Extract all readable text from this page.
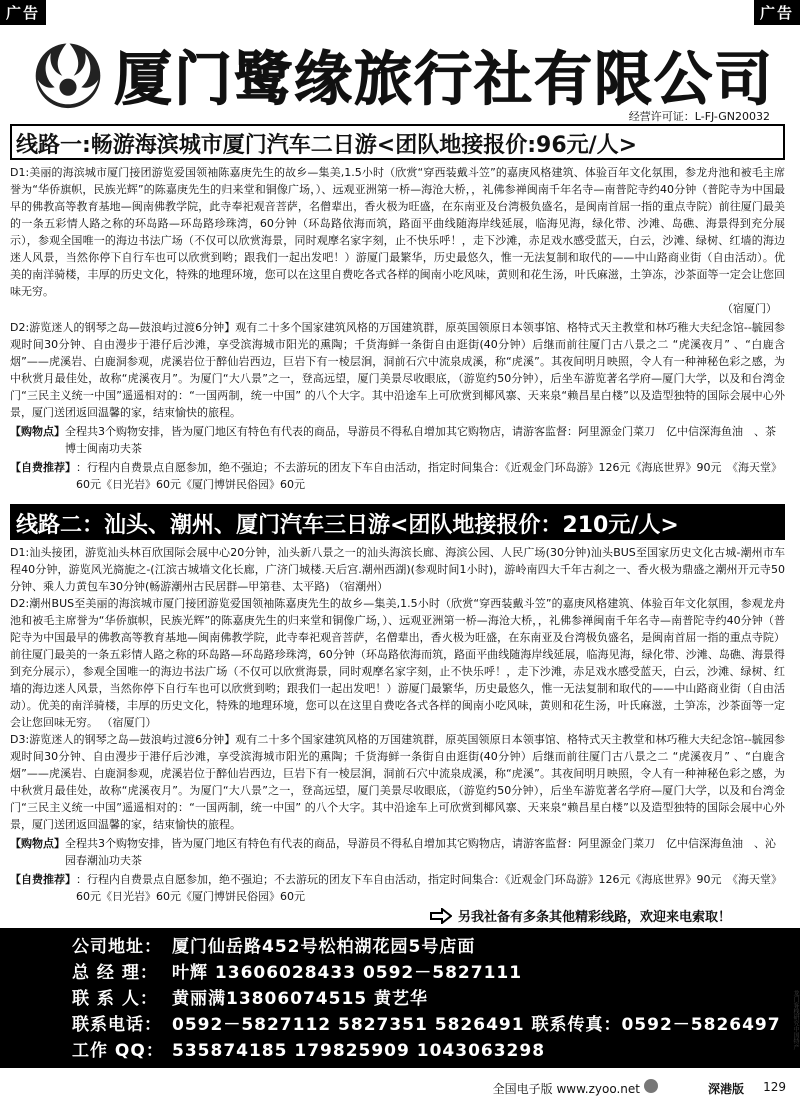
广告	广告
厦门鹭缘旅行社有限公司
经营许可证：L-FJ-GN20032
线路一:畅游海滨城市厦门汽车二日游<团队地接报价:96元/人>
D1:美丽的海滨城市厦门接团游览爱国领袖陈嘉庚先生的故乡—集美,1.5小时（欣赏“穿西装戴斗笠”的嘉庚风格建筑、体验百年文化氛围，参龙舟池和被毛主席誉为“华侨旗帜，民族光辉”的陈嘉庚先生的归来堂和铜像广场，）、远观亚洲第一桥—海沧大桥，，礼佛参禅闽南千年名寺—南普陀寺约40分钟（普陀寺为中国最早的佛教高等教育基地—闽南佛教学院，此寺奉祀观音菩萨，名僧辈出，香火极为旺盛，在东南亚及台湾极负盛名，是闽南首屈一指的重点寺院）前往厦门最美的一条五彩情人路之称的环岛路—环岛路珍珠湾，60分钟（环岛路依海而筑，路面平曲线随海岸线延展，临海见海，绿化带、沙滩、岛礁、海景得到充分展示），参观全国唯一的海边书法广场（不仅可以欣赏海景，同时观摩名家字刻，止不快乐呼！，走下沙滩，赤足戏水感受蓝天，白云，沙滩、绿树、红墙的海边迷人风景，当然你停下自行车也可以欣赏到哟；跟我们一起出发吧！）游厦门最繁华，历史最悠久，惟一无法复制和取代的——中山路商业街（自由活动）。优美的南洋骑楼，丰厚的历史文化，特殊的地理环境，您可以在这里自费吃各式各样的闽南小吃风味，黄则和花生汤，叶氏麻滋，土笋冻，沙茶面等一定会让您回味无穷。
（宿厦门）
D2:游览迷人的钢琴之岛—鼓浪屿过渡6分钟】观有二十多个国家建筑风格的万国建筑群，原英国领原日本领事馆、格特式天主教堂和林巧稚大夫纪念馆--毓园参观时间30分钟、自由漫步于港仔后沙滩，享受滨海城市阳光的熏陶；千货海鲜一条街自由逛街(40分钟）后继而前往厦门古八景之二 “虎溪夜月” 、“白鹿含烟”——虎溪岩、白鹿洞参观，虎溪岩位于醉仙岩西边，巨岩下有一棱层涧，洞前石穴中流泉成溪，称“虎溪”。其夜间明月映照，令人有一种神秘色彩之感，为中秋赏月最佳处，故称“虎溪夜月”。为厦门“大八景”之一，登高远望，厦门美景尽收眼底，（游览约50分钟），后坐车游览著名学府—厦门大学，以及和台湾金门“三民主义统一中国”遥遥相对的：“一国两制，统一中国” 的八个大字。其中沿途车上可欣赏到椰风寨、天来泉“赖昌星白楼”以及造型独特的国际会展中心外景，厦门送团返回温馨的家，结束愉快的旅程。
【购物点】 全程共3个购物安排，皆为厦门地区有特色有代表的商品，导游员不得私自增加其它购物店，请游客监督：阿里源金门菜刀　亿中信深海鱼油　、茶博士闽南功夫茶
【自费推荐】 ：行程内自费景点自愿参加，绝不强迫；不去游玩的团友下车自由活动，指定时间集合：《近观金门环岛游》126元《海底世界》90元　《海天堂》60元《日光岩》60元《厦门博饼民俗园》60元
线路二：汕头、潮州、厦门汽车三日游<团队地接报价：210元/人>
D1:汕头接团，游览汕头林百欣国际会展中心20分钟，汕头新八景之一的汕头海滨长廊、海滨公园、人民广场(30分钟)汕头BUS至国家历史文化古城-潮州市车程40分钟，游览风光旖旎之-(江滨古城墙文化长廊，广济门城楼.天后宫.潮州西湖)(参观时间1小时)，游岭南四大千年古刹之一、香火极为鼎盛之潮州开元寺50分钟、乘人力黄包车30分钟(畅游潮州古民居群—甲第巷、太平路) （宿潮州）
D2:潮州BUS至美丽的海滨城市厦门接团游览爱国领袖陈嘉庚先生的故乡—集美,1.5小时（欣赏“穿西装戴斗笠”的嘉庚风格建筑、体验百年文化氛围，参观龙舟池和被毛主席誉为“华侨旗帜，民族光辉”的陈嘉庚先生的归来堂和铜像广场，）、远观亚洲第一桥—海沧大桥，，礼佛参禅闽南千年名寺—南普陀寺约40分钟（普陀寺为中国最早的佛教高等教育基地—闽南佛教学院，此寺奉祀观音菩萨，名僧辈出，香火极为旺盛，在东南亚及台湾极负盛名，是闽南首屈一指的重点寺院）前往厦门最美的一条五彩情人路之称的环岛路—环岛路珍珠湾，60分钟（环岛路依海而筑，路面平曲线随海岸线延展，临海见海，绿化带、沙滩、岛礁、海景得到充分展示），参观全国唯一的海边书法广场（不仅可以欣赏海景，同时观摩名家字刻，止不快乐呼！，走下沙滩，赤足戏水感受蓝天，白云，沙滩、绿树、红墙的海边迷人风景，当然你停下自行车也可以欣赏到哟；跟我们一起出发吧！）游厦门最繁华，历史最悠久，惟一无法复制和取代的——中山路商业街（自由活动）。优美的南洋骑楼，丰厚的历史文化，特殊的地理环境，您可以在这里自费吃各式各样的闽南小吃风味，黄则和花生汤，叶氏麻滋，土笋冻，沙茶面等一定会让您回味无穷。 （宿厦门）
D3:游览迷人的钢琴之岛—鼓浪屿过渡6分钟】观有二十多个国家建筑风格的万国建筑群，原英国领原日本领事馆、格特式天主教堂和林巧稚大夫纪念馆--毓园参观时间30分钟、自由漫步于港仔后沙滩，享受滨海城市阳光的熏陶；千货海鲜一条街自由逛街(40分钟）后继而前往厦门古八景之二 “虎溪夜月” 、“白鹿含烟”——虎溪岩、白鹿洞参观，虎溪岩位于醉仙岩西边，巨岩下有一棱层涧，洞前石穴中流泉成溪，称“虎溪”。其夜间明月映照，令人有一种神秘色彩之感，为中秋赏月最佳处，故称“虎溪夜月”。为厦门“大八景”之一，登高远望，厦门美景尽收眼底，（游览约50分钟），后坐车游览著名学府—厦门大学，以及和台湾金门“三民主义统一中国”遥遥相对的：“一国两制，统一中国” 的八个大字。其中沿途车上可欣赏到椰风寨、天来泉“赖昌星白楼”以及造型独特的国际会展中心外景，厦门送团返回温馨的家，结束愉快的旅程。
【购物点】 全程共3个购物安排，皆为厦门地区有特色有代表的商品，导游员不得私自增加其它购物店，请游客监督：阿里源金门菜刀　亿中信深海鱼油　、沁园春潮汕功夫茶
【自费推荐】 ：行程内自费景点自愿参加，绝不强迫；不去游玩的团友下车自由活动，指定时间集合：《近观金门环岛游》126元《海底世界》90元　《海天堂》60元《日光岩》60元《厦门博饼民俗园》60元
另我社备有多条其他精彩线路，欢迎来电索取！
公司地址： 厦门仙岳路452号松柏湖花园5号店面
总 经 理： 叶辉 13606028433 0592－5827111
联 系 人： 黄丽满13806074515 黄艺华
联系电话： 0592－5827112 5827351 5826491 联系传真：0592－5826497
工作 QQ： 535874185 179825909 1043063298
龙门客栈研究中国特产
全国电子版 www.zyoo.net	深港版 129
